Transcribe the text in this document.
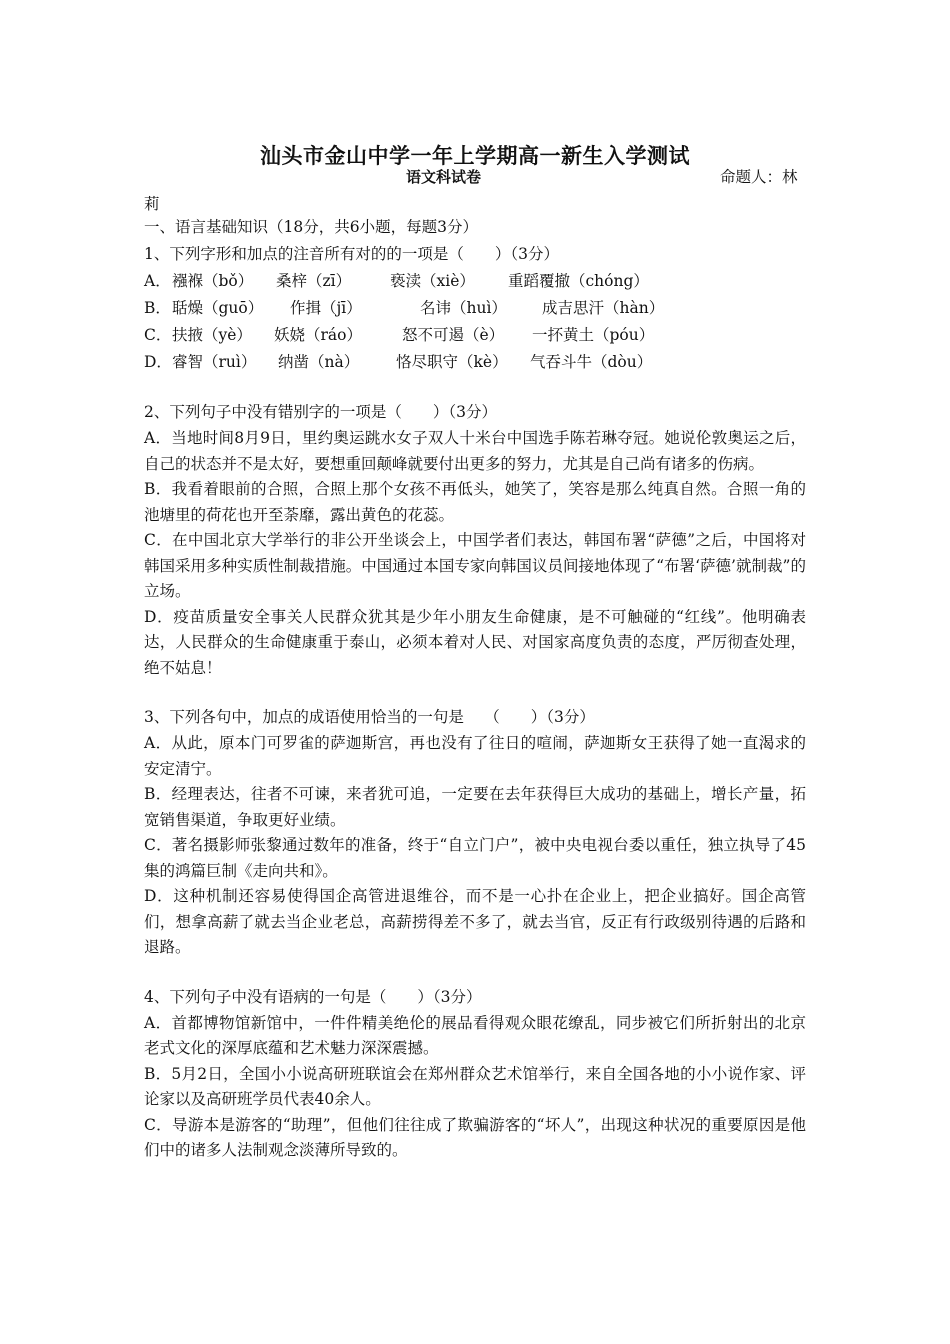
汕头市金山中学一年上学期高一新生入学测试
语文科试卷	命题人：林
莉
一、语言基础知识（18分，共6小题，每题3分）
1、下列字形和加点的注音所有对的的一项是（　　）（3分）
A．襁褓（bǒ） 桑梓（zī）	亵渎（xiè） 重蹈覆撤（chóng）
B．聒燥（guō） 作揖（jī）	名讳（huì） 成吉思汗（hàn）
C．扶掖（yè） 妖娆（ráo）	怒不可遏（è） 一抔黄土（póu）
D．睿智（ruì） 纳凿（nà） 恪尽职守（kè） 气吞斗牛（dòu）
2、下列句子中没有错别字的一项是（　　）（3分）
A．当地时间8月9日，里约奥运跳水女子双人十米台中国选手陈若琳夺冠。她说伦敦奥运之后，自己的状态并不是太好，要想重回颠峰就要付出更多的努力，尤其是自己尚有诸多的伤病。
B．我看着眼前的合照，合照上那个女孩不再低头，她笑了，笑容是那么纯真自然。合照一角的池塘里的荷花也开至荼靡，露出黄色的花蕊。
C．在中国北京大学举行的非公开坐谈会上，中国学者们表达，韩国布署“萨德”之后，中国将对韩国采用多种实质性制裁措施。中国通过本国专家向韩国议员间接地体现了“布署‘萨德’就制裁”的立场。
D．疫苗质量安全事关人民群众犹其是少年小朋友生命健康，是不可触碰的“红线”。他明确表达，人民群众的生命健康重于泰山，必须本着对人民、对国家高度负责的态度，严厉彻查处理，绝不姑息！
3、下列各句中，加点的成语使用恰当的一句是　 （　　）（3分）
A．从此，原本门可罗雀的萨迦斯宫，再也没有了往日的喧闹，萨迦斯女王获得了她一直渴求的安定清宁。
B．经理表达，往者不可谏，来者犹可追，一定要在去年获得巨大成功的基础上，增长产量，拓宽销售渠道，争取更好业绩。
C．著名摄影师张黎通过数年的准备，终于“自立门户”，被中央电视台委以重任，独立执导了45集的鸿篇巨制《走向共和》。
D．这种机制还容易使得国企高管进退维谷，而不是一心扑在企业上，把企业搞好。国企高管们，想拿高薪了就去当企业老总，高薪捞得差不多了，就去当官，反正有行政级别待遇的后路和退路。
4、下列句子中没有语病的一句是（　　）（3分）
A．首都博物馆新馆中，一件件精美绝伦的展品看得观众眼花缭乱，同步被它们所折射出的北京老式文化的深厚底蕴和艺术魅力深深震撼。
B．5月2日，全国小小说高研班联谊会在郑州群众艺术馆举行，来自全国各地的小小说作家、评论家以及高研班学员代表40余人。
C．导游本是游客的“助理”，但他们往往成了欺骗游客的“坏人”，出现这种状况的重要原因是他们中的诸多人法制观念淡薄所导致的。
